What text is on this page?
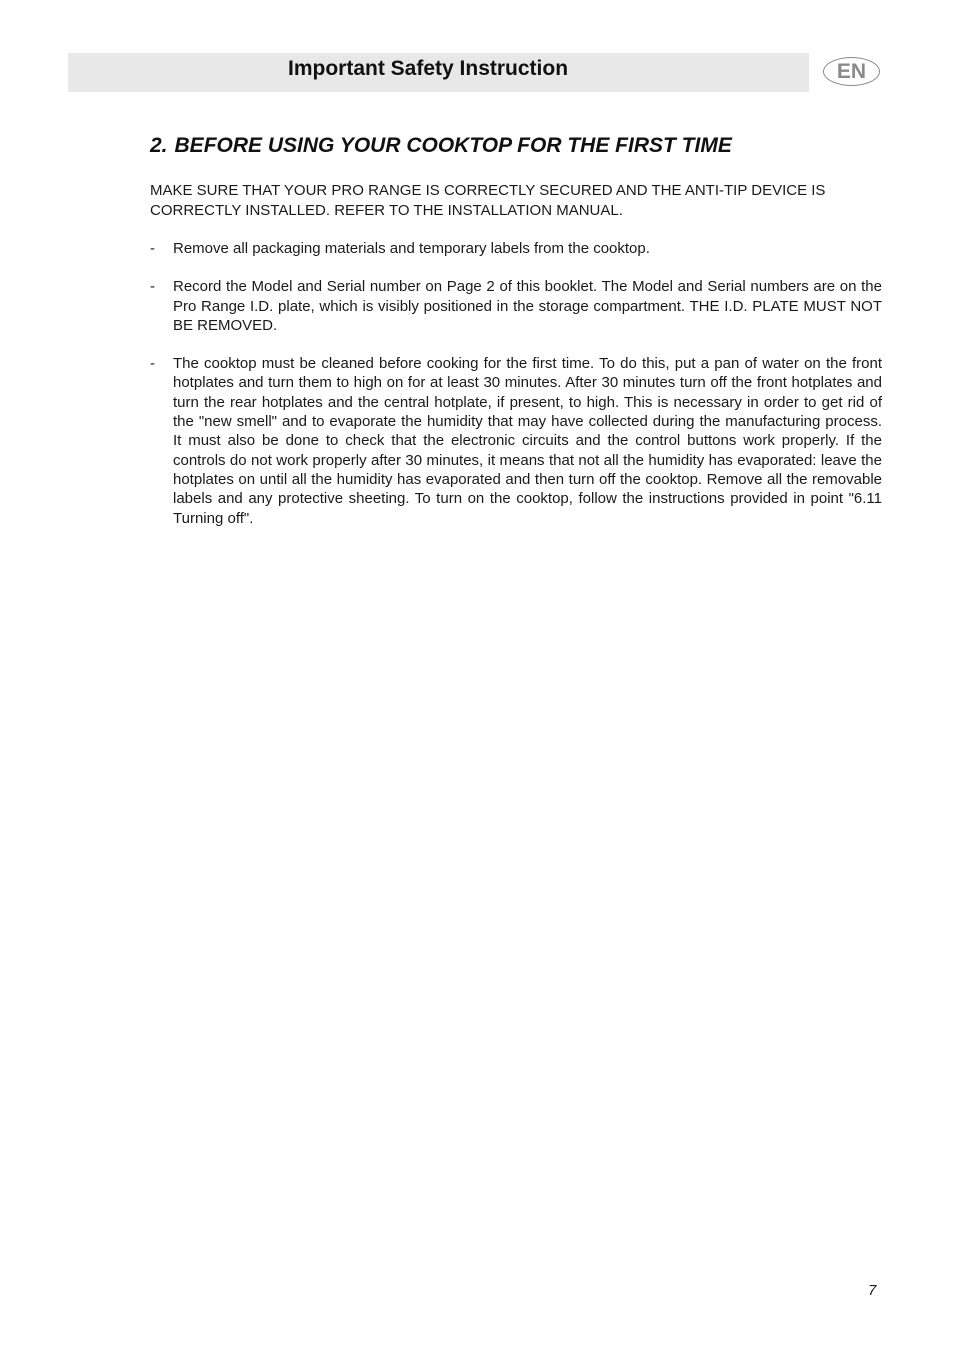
Important Safety Instruction	EN
2. BEFORE USING YOUR COOKTOP FOR THE FIRST TIME

MAKE SURE THAT YOUR PRO RANGE IS CORRECTLY SECURED AND THE ANTI-TIP DEVICE IS CORRECTLY INSTALLED. REFER TO THE INSTALLATION MANUAL.

- Remove all packaging materials and temporary labels from the cooktop.
- Record the Model and Serial number on Page 2 of this booklet. The Model and Serial numbers are on the Pro Range I.D. plate, which is visibly positioned in the storage compartment. THE I.D. PLATE MUST NOT BE REMOVED.
- The cooktop must be cleaned before cooking for the first time. To do this, put a pan of water on the front hotplates and turn them to high on for at least 30 minutes. After 30 minutes turn off the front hotplates and turn the rear hotplates and the central hotplate, if present, to high. This is necessary in order to get rid of the "new smell" and to evaporate the humidity that may have collected during the manufacturing process. It must also be done to check that the electronic circuits and the control buttons work properly. If the controls do not work properly after 30 minutes, it means that not all the humidity has evaporated: leave the hotplates on until all the humidity has evaporated and then turn off the cooktop. Remove all the removable labels and any protective sheeting. To turn on the cooktop, follow the instructions provided in point "6.11 Turning off".
7
